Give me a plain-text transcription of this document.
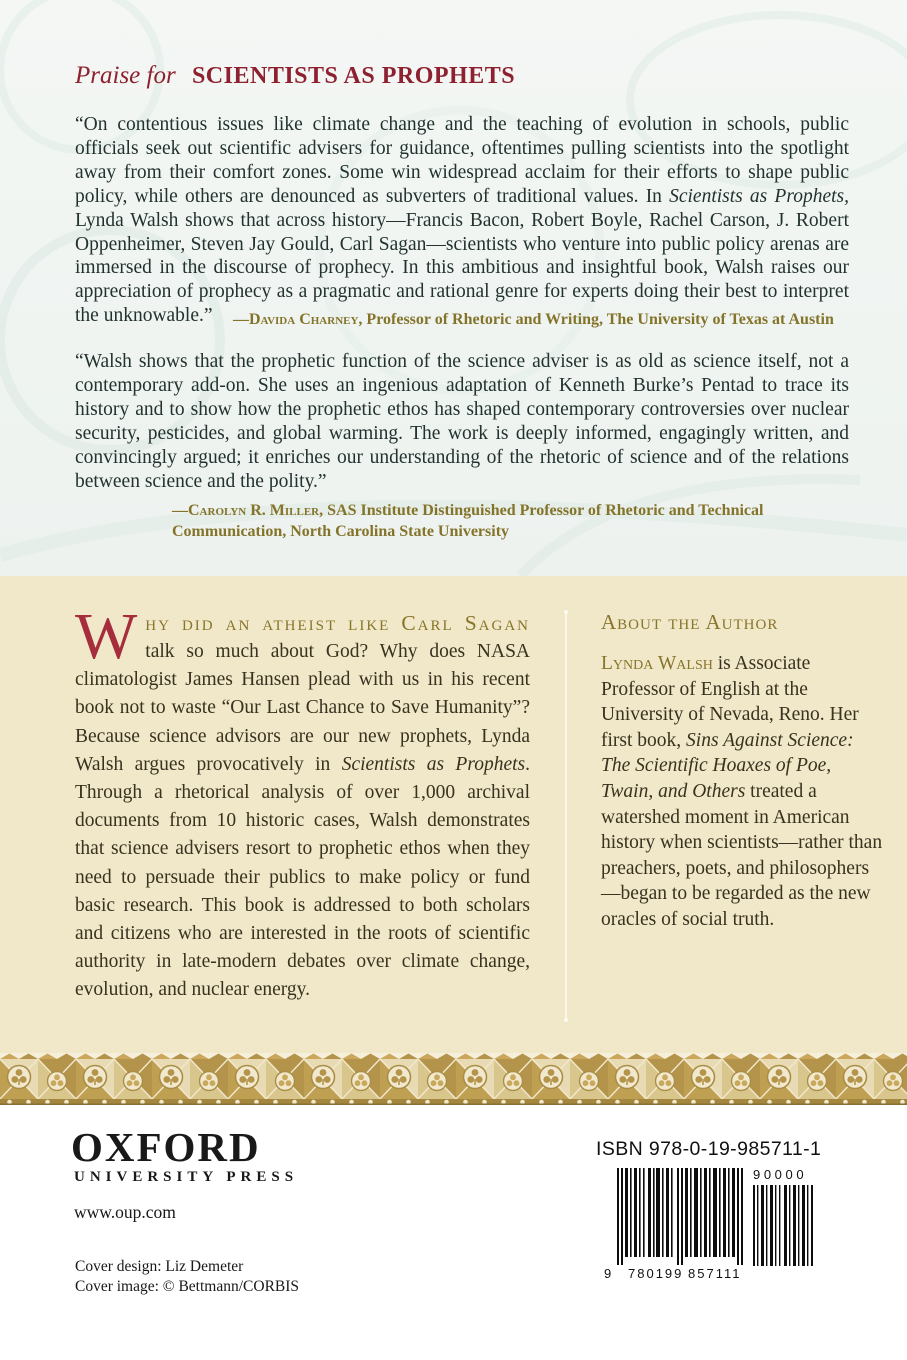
Praise for SCIENTISTS AS PROPHETS

“On contentious issues like climate change and the teaching of evolution in schools, public officials seek out scientific advisers for guidance, oftentimes pulling scientists into the spotlight away from their comfort zones. Some win widespread acclaim for their efforts to shape public policy, while others are denounced as subverters of traditional values. In Scientists as Prophets, Lynda Walsh shows that across history—Francis Bacon, Robert Boyle, Rachel Carson, J. Robert Oppenheimer, Steven Jay Gould, Carl Sagan—scientists who venture into public policy arenas are immersed in the discourse of prophecy. In this ambitious and insightful book, Walsh raises our appreciation of prophecy as a pragmatic and rational genre for experts doing their best to interpret the unknowable.”	—Davida Charney, Professor of Rhetoric and Writing, The University of Texas at Austin

“Walsh shows that the prophetic function of the science adviser is as old as science itself, not a contemporary add-on. She uses an ingenious adaptation of Kenneth Burke’s Pentad to trace its history and to show how the prophetic ethos has shaped contemporary controversies over nuclear security, pesticides, and global warming. The work is deeply informed, engagingly written, and convincingly argued; it enriches our understanding of the rhetoric of science and of the relations between science and the polity.”

—Carolyn R. Miller, SAS Institute Distinguished Professor of Rhetoric and Technical Communication, North Carolina State University

W hy did an atheist like Carl Sagan

talk so much about God? Why does NASA climatologist James Hansen plead with us in his recent book not to waste “Our Last Chance to Save Humanity”? Because science advisors are our new prophets, Lynda Walsh argues provocatively in Scientists as Prophets. Through a rhetorical analysis of over 1,000 archival documents from 10 historic cases, Walsh demonstrates that science advisers resort to prophetic ethos when they need to persuade their publics to make policy or fund basic research. This book is addressed to both scholars and citizens who are interested in the roots of scientific authority in late-modern debates over climate change, evolution, and nuclear energy.

About the Author

Lynda Walsh is Associate Professor of English at the University of Nevada, Reno. Her first book, Sins Against Science: The Scientific Hoaxes of Poe, Twain, and Others treated a watershed moment in American history when scientists—rather than preachers, poets, and philosophers—began to be regarded as the new oracles of social truth.

OXFORD
UNIVERSITY PRESS
www.oup.com
Cover design: Liz Demeter
Cover image: © Bettmann/CORBIS
ISBN 978-0-19-985711-1
9 780199 857111
9 0 0 0 0
